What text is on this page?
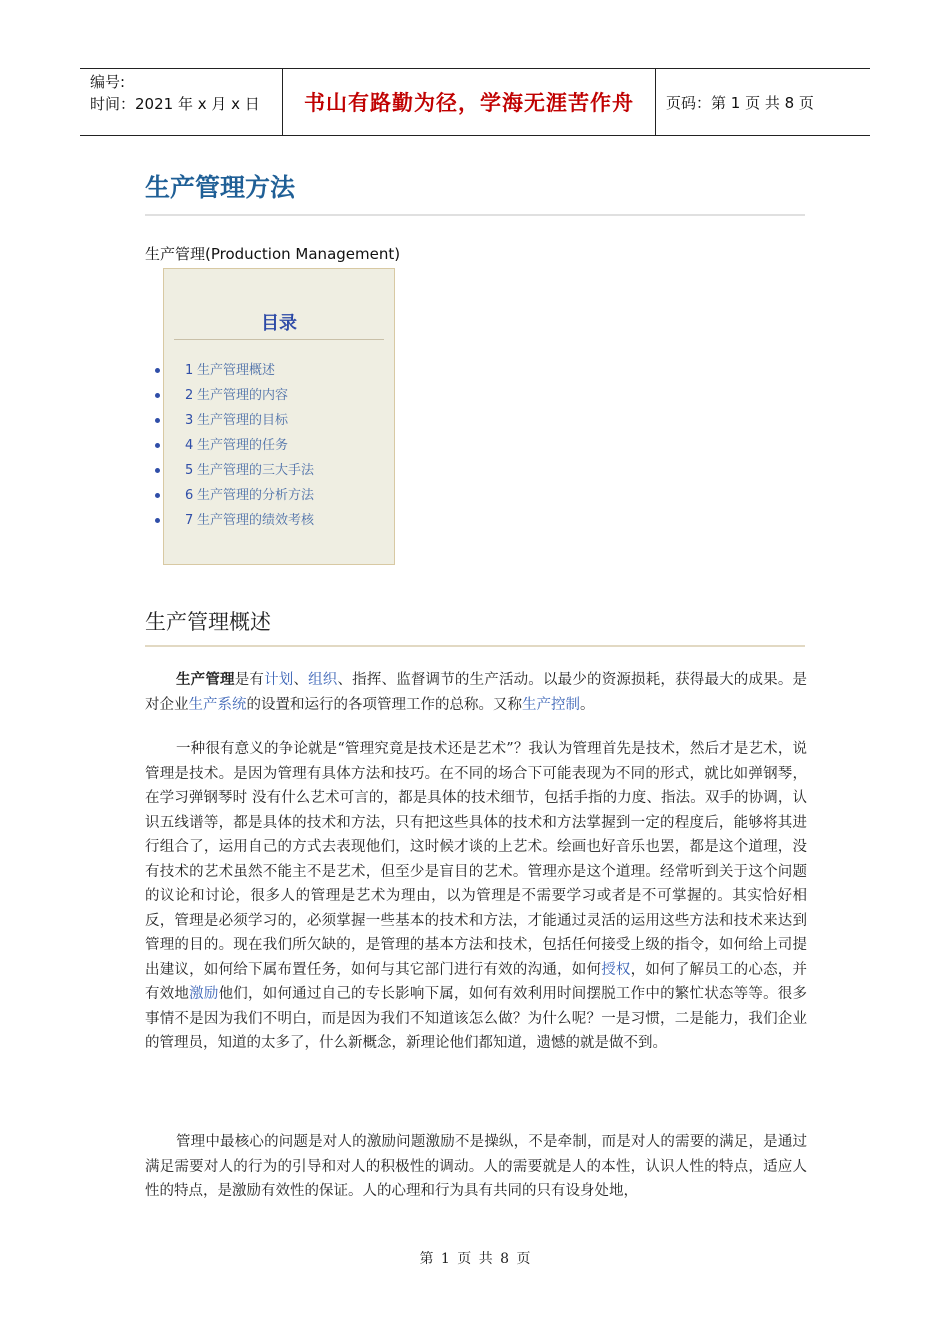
编号:
时间：2021 年 x 月 x 日	书山有路勤为径，学海无涯苦作舟	页码：第 1 页 共 8 页
生产管理方法
生产管理(Production Management)
目录
1 生产管理概述
2 生产管理的内容
3 生产管理的目标
4 生产管理的任务
5 生产管理的三大手法
6 生产管理的分析方法
7 生产管理的绩效考核
生产管理概述

生产管理是有计划、组织、指挥、监督调节的生产活动。以最少的资源损耗，获得最大的成果。是对企业生产系统的设置和运行的各项管理工作的总称。又称生产控制。

一种很有意义的争论就是“管理究竟是技术还是艺术”？我认为管理首先是技术，然后才是艺术，说管理是技术。是因为管理有具体方法和技巧。在不同的场合下可能表现为不同的形式，就比如弹钢琴，在学习弹钢琴时 没有什么艺术可言的，都是具体的技术细节，包括手指的力度、指法。双手的协调，认识五线谱等，都是具体的技术和方法，只有把这些具体的技术和方法掌握到一定的程度后，能够将其进行组合了，运用自己的方式去表现他们，这时候才谈的上艺术。绘画也好音乐也罢，都是这个道理，没有技术的艺术虽然不能主不是艺术，但至少是盲目的艺术。管理亦是这个道理。经常听到关于这个问题的议论和讨论，很多人的管理是艺术为理由，以为管理是不需要学习或者是不可掌握的。其实恰好相反，管理是必须学习的，必须掌握一些基本的技术和方法，才能通过灵活的运用这些方法和技术来达到管理的目的。现在我们所欠缺的，是管理的基本方法和技术，包括任何接受上级的指令，如何给上司提出建议，如何给下属布置任务，如何与其它部门进行有效的沟通，如何授权，如何了解员工的心态，并有效地激励他们，如何通过自己的专长影响下属，如何有效利用时间摆脱工作中的繁忙状态等等。很多事情不是因为我们不明白，而是因为我们不知道该怎么做？为什么呢？一是习惯，二是能力，我们企业的管理员，知道的太多了，什么新概念，新理论他们都知道，遗憾的就是做不到。

管理中最核心的问题是对人的激励问题激励不是操纵，不是牵制，而是对人的需要的满足，是通过满足需要对人的行为的引导和对人的积极性的调动。人的需要就是人的本性，认识人性的特点，适应人性的特点，是激励有效性的保证。人的心理和行为具有共同的只有设身处地，

第 1 页 共 8 页
